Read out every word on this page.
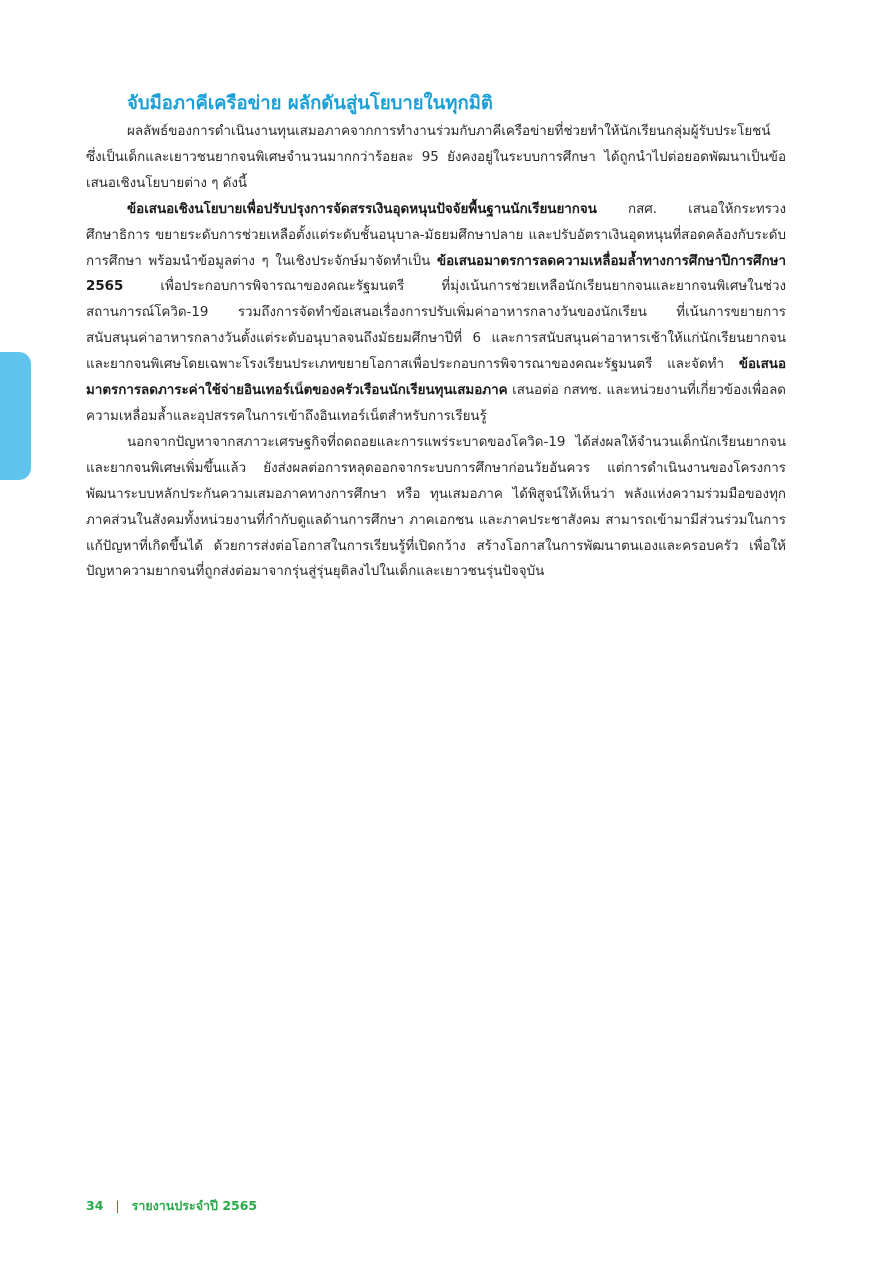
จับมือภาคีเครือข่าย ผลักดันสู่นโยบายในทุกมิติ

ผลลัพธ์ของการดำเนินงานทุนเสมอภาคจากการทำงานร่วมกับภาคีเครือข่ายที่ช่วยทำให้นักเรียนกลุ่มผู้รับประโยชน์ ซึ่งเป็นเด็กและเยาวชนยากจนพิเศษจำนวนมากกว่าร้อยละ 95 ยังคงอยู่ในระบบการศึกษา ได้ถูกนำไปต่อยอดพัฒนาเป็นข้อเสนอเชิงนโยบายต่าง ๆ ดังนี้

ข้อเสนอเชิงนโยบายเพื่อปรับปรุงการจัดสรรเงินอุดหนุนปัจจัยพื้นฐานนักเรียนยากจน กสศ. เสนอให้กระทรวงศึกษาธิการ ขยายระดับการช่วยเหลือตั้งแต่ระดับชั้นอนุบาล-มัธยมศึกษาปลาย และปรับอัตราเงินอุดหนุนที่สอดคล้องกับระดับการศึกษา พร้อมนำข้อมูลต่าง ๆ ในเชิงประจักษ์มาจัดทำเป็น ข้อเสนอมาตรการลดความเหลื่อมล้ำทางการศึกษาปีการศึกษา 2565 เพื่อประกอบการพิจารณาของคณะรัฐมนตรี ที่มุ่งเน้นการช่วยเหลือนักเรียนยากจนและยากจนพิเศษในช่วงสถานการณ์โควิด-19 รวมถึงการจัดทำข้อเสนอเรื่องการปรับเพิ่มค่าอาหารกลางวันของนักเรียน ที่เน้นการขยายการสนับสนุนค่าอาหารกลางวันตั้งแต่ระดับอนุบาลจนถึงมัธยมศึกษาปีที่ 6 และการสนับสนุนค่าอาหารเช้าให้แก่นักเรียนยากจนและยากจนพิเศษโดยเฉพาะโรงเรียนประเภทขยายโอกาสเพื่อประกอบการพิจารณาของคณะรัฐมนตรี และจัดทำ ข้อเสนอมาตรการลดภาระค่าใช้จ่ายอินเทอร์เน็ตของครัวเรือนนักเรียนทุนเสมอภาค เสนอต่อ กสทช. และหน่วยงานที่เกี่ยวข้องเพื่อลดความเหลื่อมล้ำและอุปสรรคในการเข้าถึงอินเทอร์เน็ตสำหรับการเรียนรู้

นอกจากปัญหาจากสภาวะเศรษฐกิจที่ถดถอยและการแพร่ระบาดของโควิด-19 ได้ส่งผลให้จำนวนเด็กนักเรียนยากจนและยากจนพิเศษเพิ่มขึ้นแล้ว ยังส่งผลต่อการหลุดออกจากระบบการศึกษาก่อนวัยอันควร แต่การดำเนินงานของโครงการพัฒนาระบบหลักประกันความเสมอภาคทางการศึกษา หรือ ทุนเสมอภาค ได้พิสูจน์ให้เห็นว่า พลังแห่งความร่วมมือของทุกภาคส่วนในสังคมทั้งหน่วยงานที่กำกับดูแลด้านการศึกษา ภาคเอกชน และภาคประชาสังคม สามารถเข้ามามีส่วนร่วมในการแก้ปัญหาที่เกิดขึ้นได้ ด้วยการส่งต่อโอกาสในการเรียนรู้ที่เปิดกว้าง สร้างโอกาสในการพัฒนาตนเองและครอบครัว เพื่อให้ปัญหาความยากจนที่ถูกส่งต่อมาจากรุ่นสู่รุ่นยุติลงไปในเด็กและเยาวชนรุ่นปัจจุบัน

34 | รายงานประจำปี 2565
